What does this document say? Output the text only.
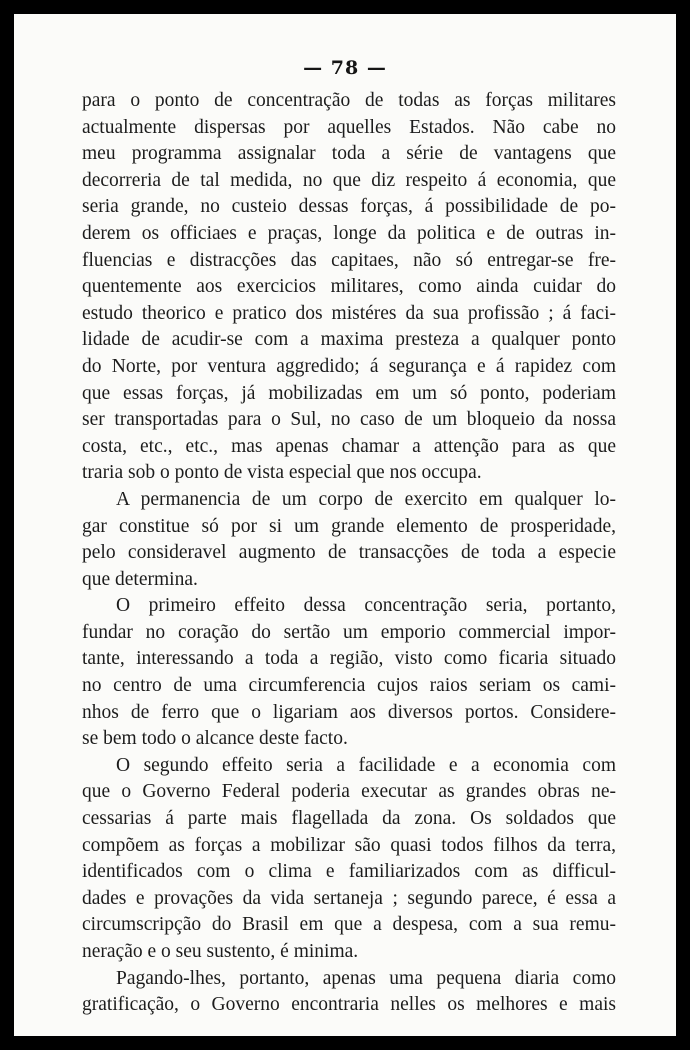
— 78 —
para o ponto de concentração de todas as forças militares
actualmente dispersas por aquelles Estados. Não cabe no
meu programma assignalar toda a série de vantagens que
decorreria de tal medida, no que diz respeito á economia, que
seria grande, no custeio dessas forças, á possibilidade de po-
derem os officiaes e praças, longe da politica e de outras in-
fluencias e distracções das capitaes, não só entregar-se fre-
quentemente aos exercicios militares, como ainda cuidar do
estudo theorico e pratico dos mistéres da sua profissão ; á faci-
lidade de acudir-se com a maxima presteza a qualquer ponto
do Norte, por ventura aggredido; á segurança e á rapidez com
que essas forças, já mobilizadas em um só ponto, poderiam
ser transportadas para o Sul, no caso de um bloqueio da nossa
costa, etc., etc., mas apenas chamar a attenção para as que
traria sob o ponto de vista especial que nos occupa.
A permanencia de um corpo de exercito em qualquer lo-
gar constitue só por si um grande elemento de prosperidade,
pelo consideravel augmento de transacções de toda a especie
que determina.
O primeiro effeito dessa concentração seria, portanto,
fundar no coração do sertão um emporio commercial impor-
tante, interessando a toda a região, visto como ficaria situado
no centro de uma circumferencia cujos raios seriam os cami-
nhos de ferro que o ligariam aos diversos portos. Considere-
se bem todo o alcance deste facto.
O segundo effeito seria a facilidade e a economia com
que o Governo Federal poderia executar as grandes obras ne-
cessarias á parte mais flagellada da zona. Os soldados que
compõem as forças a mobilizar são quasi todos filhos da terra,
identificados com o clima e familiarizados com as difficul-
dades e provações da vida sertaneja ; segundo parece, é essa a
circumscripção do Brasil em que a despesa, com a sua remu-
neração e o seu sustento, é minima.
Pagando-lhes, portanto, apenas uma pequena diaria como
gratificação, o Governo encontraria nelles os melhores e mais
